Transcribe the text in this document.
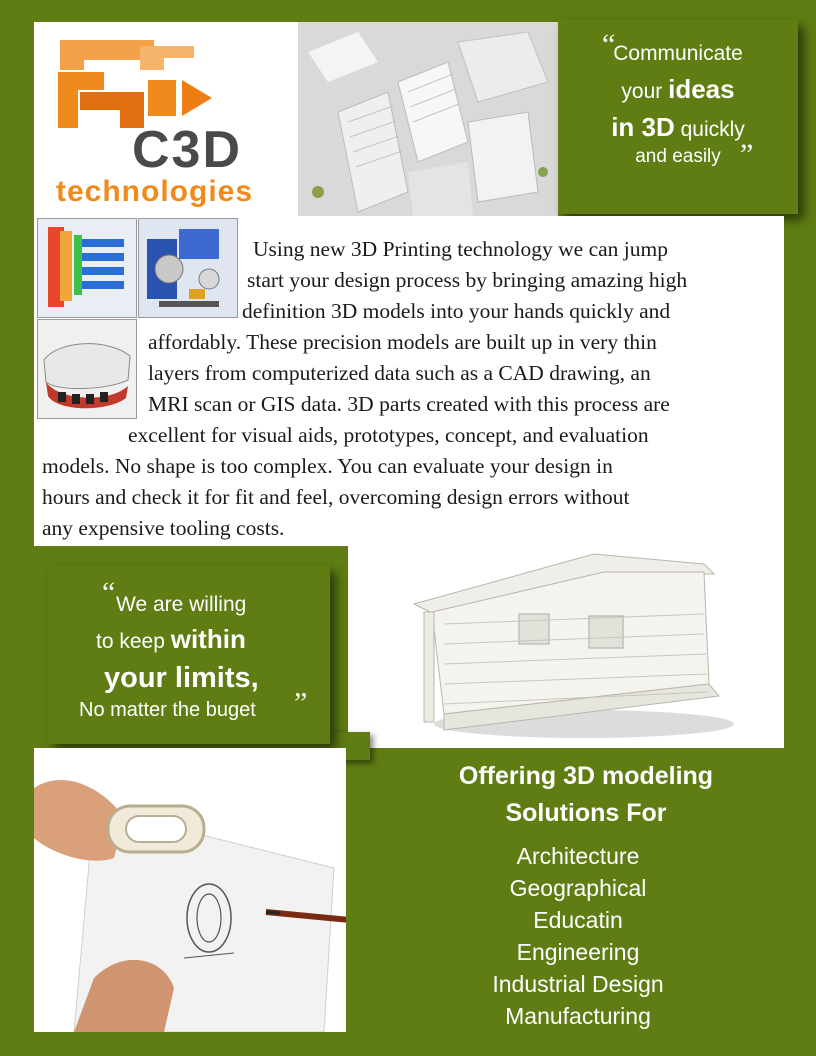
C3D
technologies
“
Communicate
your ideas
in 3D quickly
and easily ”
Using new 3D Printing technology we can jump
start your design process by bringing amazing high
definition 3D models into your hands quickly and
affordably. These precision models are built up in very thin
layers from computerized data such as a CAD drawing, an
MRI scan or GIS data. 3D parts created with this process are
excellent for visual aids, prototypes, concept, and evaluation
models. No shape is too complex. You can evaluate your design in
hours and check it for fit and feel, overcoming design errors without
any expensive tooling costs.
“ We are willing
to keep within
your limits,
No matter the buget
„
Offering 3D modeling
Solutions For
Architecture
Geographical
Educatin
Engineering
Industrial Design
Manufacturing
